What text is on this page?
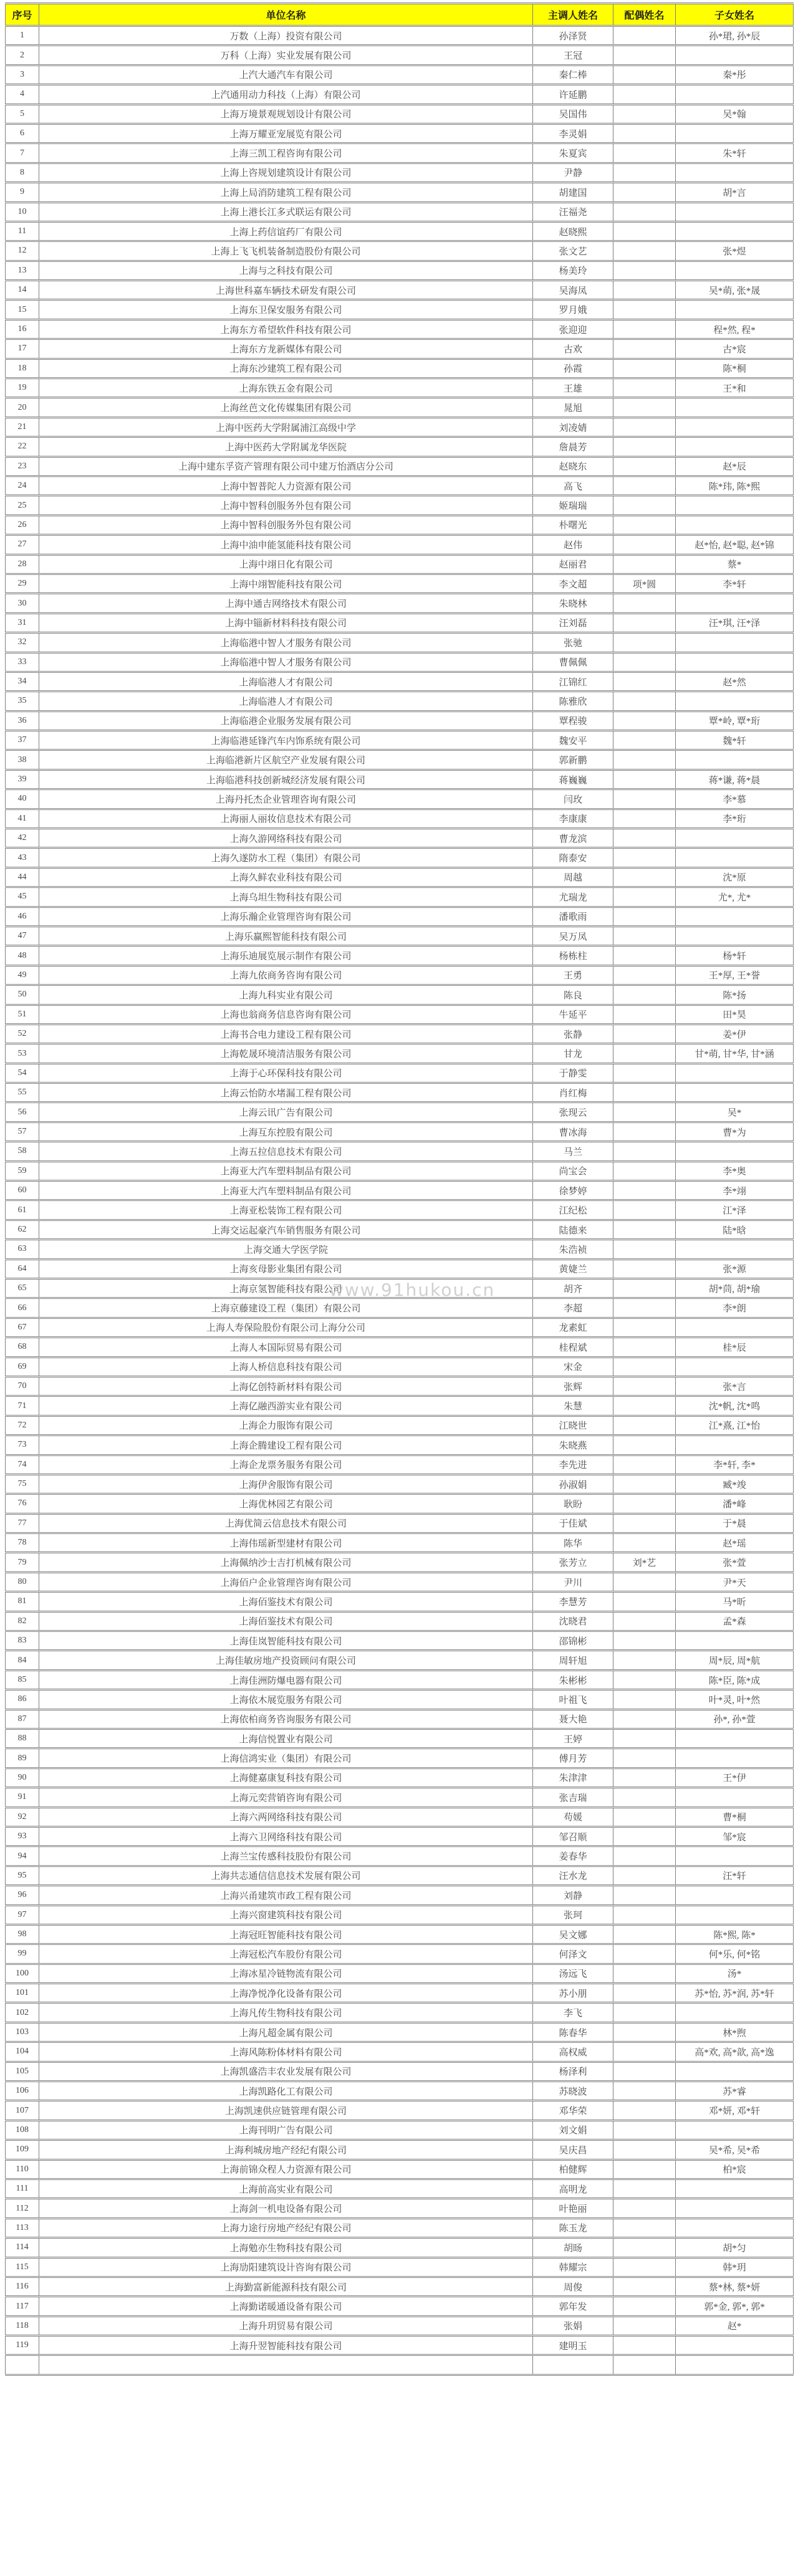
序号	单位名称	主调人姓名	配偶姓名	子女姓名
1	万数（上海）投资有限公司	孙泽贤		孙*珺, 孙*辰
2	万科（上海）实业发展有限公司	王冠		
3	上汽大通汽车有限公司	秦仁棒		秦*彤
4	上汽通用动力科技（上海）有限公司	许延鹏		
5	上海万境景观规划设计有限公司	吴国伟		吴*翰
6	上海万耀亚宠展览有限公司	李灵娟		
7	上海三凯工程咨询有限公司	朱夏宾		朱*轩
8	上海上咨规划建筑设计有限公司	尹静		
9	上海上局消防建筑工程有限公司	胡建国		胡*言
10	上海上港长江多式联运有限公司	汪福尧		
11	上海上药信谊药厂有限公司	赵晓熙		
12	上海上飞飞机装备制造股份有限公司	张文艺		张*煜
13	上海与之科技有限公司	杨美玲		
14	上海世科嘉车辆技术研发有限公司	吴海凤		吴*萌, 张*晟
15	上海东卫保安服务有限公司	罗月娥		
16	上海东方希望软件科技有限公司	张迎迎		程*然, 程*
17	上海东方龙新媒体有限公司	古欢		古*宸
18	上海东沙建筑工程有限公司	孙霞		陈*桐
19	上海东铁五金有限公司	王雄		王*和
20	上海丝芭文化传媒集团有限公司	晁旭		
21	上海中医药大学附属浦江高级中学	刘凌婧		
22	上海中医药大学附属龙华医院	詹晨芳		
23	上海中建东孚资产管理有限公司中建万怡酒店分公司	赵晓东		赵*辰
24	上海中智普陀人力资源有限公司	高飞		陈*玮, 陈*熙
25	上海中智科创服务外包有限公司	姬瑞瑞		
26	上海中智科创服务外包有限公司	朴曙光		
27	上海中油申能氢能科技有限公司	赵伟		赵*怡, 赵*聪, 赵*锦
28	上海中翊日化有限公司	赵丽君		蔡*
29	上海中翊智能科技有限公司	李文超	项*圆	李*轩
30	上海中通吉网络技术有限公司	朱晓林		
31	上海中锱新材料科技有限公司	汪刘磊		汪*琪, 汪*泽
32	上海临港中智人才服务有限公司	张驰		
33	上海临港中智人才服务有限公司	曹佩佩		
34	上海临港人才有限公司	江锦红		赵*然
35	上海临港人才有限公司	陈雅欣		
36	上海临港企业服务发展有限公司	覃程骏		覃*岭, 覃*珩
37	上海临港延锋汽车内饰系统有限公司	魏安平		魏*轩
38	上海临港新片区航空产业发展有限公司	郭新鹏		
39	上海临港科技创新城经济发展有限公司	蒋巍巍		蒋*谦, 蒋*晨
40	上海丹托杰企业管理咨询有限公司	闫玫		李*慕
41	上海丽人丽妆信息技术有限公司	李康康		李*珩
42	上海久游网络科技有限公司	曹龙滨		
43	上海久遂防水工程（集团）有限公司	隋泰安		
44	上海久鲜农业科技有限公司	周越		沈*原
45	上海乌坦生物科技有限公司	尤瑞龙		尤*, 尤*
46	上海乐瀚企业管理咨询有限公司	潘歌雨		
47	上海乐赢熙智能科技有限公司	吴万凤		
48	上海乐迪展览展示制作有限公司	杨栋柱		杨*轩
49	上海九依商务咨询有限公司	王勇		王*厚, 王*誉
50	上海九科实业有限公司	陈良		陈*扬
51	上海也翁商务信息咨询有限公司	牛延平		田*昊
52	上海书合电力建设工程有限公司	张静		姜*伊
53	上海乾晟环境清洁服务有限公司	甘龙		甘*萌, 甘*华, 甘*涵
54	上海于心环保科技有限公司	于静雯		
55	上海云怡防水堵漏工程有限公司	肖红梅		
56	上海云讯广告有限公司	张现云		吴*
57	上海互东控股有限公司	曹冰海		曹*为
58	上海五拉信息技术有限公司	马兰		
59	上海亚大汽车塑料制品有限公司	尚宝会		李*奥
60	上海亚大汽车塑料制品有限公司	徐梦婷		李*翊
61	上海亚松装饰工程有限公司	江纪松		江*泽
62	上海交运起豪汽车销售服务有限公司	陆德来		陆*晗
63	上海交通大学医学院	朱浩祯		
64	上海亥母影业集团有限公司	黄婕兰		张*源
65	上海京氢智能科技有限公司	胡齐		胡*茼, 胡*瑜
66	上海京藤建设工程（集团）有限公司	李超		李*朗
67	上海人寿保险股份有限公司上海分公司	龙素虹		
68	上海人本国际贸易有限公司	桂程斌		桂*辰
69	上海人桥信息科技有限公司	宋金		
70	上海亿创特新材料有限公司	张辉		张*言
71	上海亿融西游实业有限公司	朱慧		沈*帆, 沈*鸣
72	上海企力服饰有限公司	江晓世		江*熹, 江*怡
73	上海企腾建设工程有限公司	朱晓燕		
74	上海企龙票务服务有限公司	李先进		李*轩, 李*
75	上海伊舍服饰有限公司	孙淑娟		臧*竣
76	上海优林园艺有限公司	耿盼		潘*峰
77	上海优简云信息技术有限公司	于佳斌		于*晨
78	上海伟瑶新型建材有限公司	陈华		赵*瑶
79	上海佩纳沙士吉打机械有限公司	张芳立	刘*艺	张*萱
80	上海佰户企业管理咨询有限公司	尹川		尹*天
81	上海佰鉴技术有限公司	李慧芳		马*昕
82	上海佰鉴技术有限公司	沈晓君		孟*森
83	上海佳岚智能科技有限公司	邵锦彬		
84	上海佳敏房地产投资顾问有限公司	周轩旭		周*辰, 周*航
85	上海佳洲防爆电器有限公司	朱彬彬		陈*臣, 陈*成
86	上海依木展览服务有限公司	叶祖飞		叶*灵, 叶*然
87	上海依柏商务咨询服务有限公司	聂大艳		孙*, 孙*萱
88	上海信悦置业有限公司	王婷		
89	上海信鸿实业（集团）有限公司	傅月芳		
90	上海健嘉康复科技有限公司	朱津津		王*伊
91	上海元奕营销咨询有限公司	张吉瑞		
92	上海六两网络科技有限公司	苟媛		曹*桐
93	上海六卫网络科技有限公司	邹召顺		邹*宸
94	上海兰宝传感科技股份有限公司	姜春华		
95	上海共志通信信息技术发展有限公司	汪水龙		汪*轩
96	上海兴甬建筑市政工程有限公司	刘静		
97	上海兴窗建筑科技有限公司	张珂		
98	上海冠旺智能科技有限公司	吴文娜		陈*熙, 陈*
99	上海冠松汽车股份有限公司	何泽文		何*乐, 何*铭
100	上海冰星冷链物流有限公司	汤远飞		汤*
101	上海净悦净化设备有限公司	苏小朋		苏*怡, 苏*润, 苏*轩
102	上海凡传生物科技有限公司	李飞		
103	上海凡超金属有限公司	陈春华		林*煦
104	上海风陈粉体材料有限公司	高权威		高*欢, 高*歆, 高*逸
105	上海凯盛浩丰农业发展有限公司	杨泽利		
106	上海凯路化工有限公司	苏晓波		苏*睿
107	上海凯速供应链管理有限公司	邓华荣		邓*妍, 邓*轩
108	上海刊明广告有限公司	刘文娟		
109	上海利城房地产经纪有限公司	吴庆昌		吴*希, 吴*希
110	上海前锦众程人力资源有限公司	柏健辉		柏*宸
111	上海前高实业有限公司	高明龙		
112	上海剑一机电设备有限公司	叶艳丽		
113	上海力途行房地产经纪有限公司	陈玉龙		
114	上海勉亦生物科技有限公司	胡旸		胡*匀
115	上海劢阳建筑设计咨询有限公司	韩耀宗		韩*玥
116	上海勤富新能源科技有限公司	周俊		蔡*林, 蔡*妍
117	上海勤诺暖通设备有限公司	郭年发		郭*金, 郭*, 郭*
118	上海升玥贸易有限公司	张娟		赵*
119	上海升翌智能科技有限公司	建明玉		

www.91hukou.cn
